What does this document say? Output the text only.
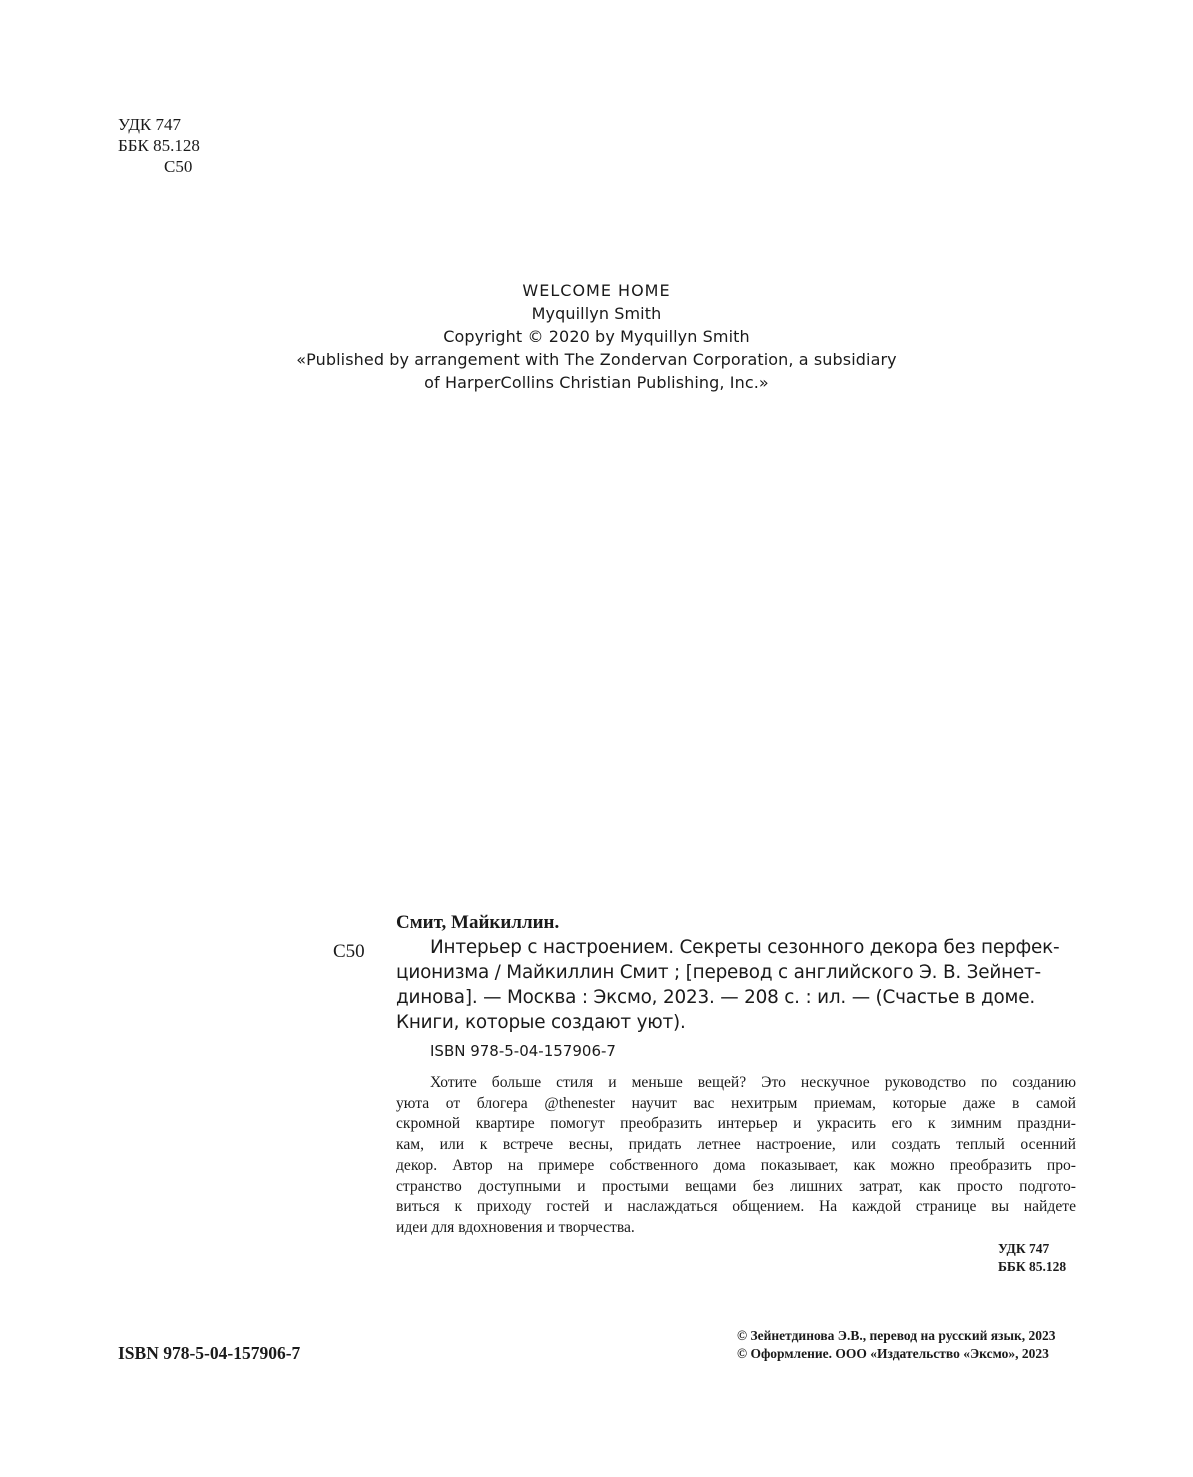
УДК 747
ББК 85.128
С50
WELCOME HOME
Myquillyn Smith
Copyright © 2020 by Myquillyn Smith
«Published by arrangement with The Zondervan Corporation, a subsidiary
of HarperCollins Christian Publishing, Inc.»
Смит, Майкиллин.
С50	Интерьер с настроением. Секреты сезонного декора без перфек-
ционизма / Майкиллин Смит ; [перевод с английского Э. В. Зейнет-
динова]. — Москва : Эксмо, 2023. — 208 с. : ил. — (Счастье в доме.
Книги, которые создают уют).
ISBN 978-5-04-157906-7
Хотите больше стиля и меньше вещей? Это нескучное руководство по созданию
уюта от блогера @thenester научит вас нехитрым приемам, которые даже в самой
скромной квартире помогут преобразить интерьер и украсить его к зимним праздни-
кам, или к встрече весны, придать летнее настроение, или создать теплый осенний
декор. Автор на примере собственного дома показывает, как можно преобразить про-
странство доступными и простыми вещами без лишних затрат, как просто подгото-
виться к приходу гостей и наслаждаться общением. На каждой странице вы найдете
идеи для вдохновения и творчества.
УДК 747
ББК 85.128
ISBN 978-5-04-157906-7
© Зейнетдинова Э.В., перевод на русский язык, 2023
© Оформление. ООО «Издательство «Эксмо», 2023
